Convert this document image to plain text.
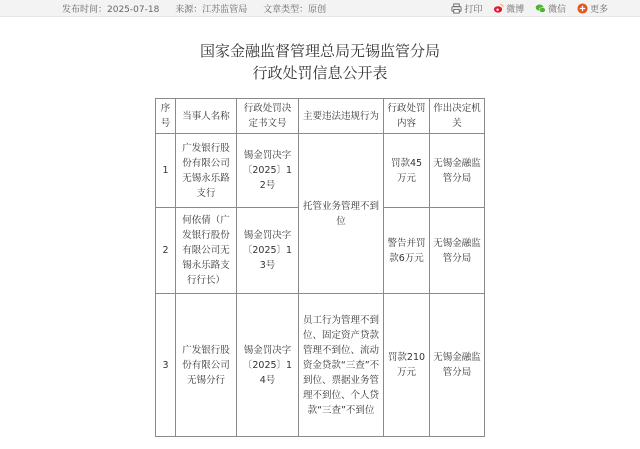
发布时间：2025-07-18 来源：江苏监管局 文章类型：原创	打印
	微博
	微信
	更多
国家金融监督管理总局无锡监管分局
行政处罚信息公开表
序号	当事人名称	行政处罚决定书文号	主要违法违规行为	行政处罚内容	作出决定机关
1	广发银行股份有限公司无锡永乐路支行	锡金罚决字〔2025〕12号	托管业务管理不到位	罚款45万元	无锡金融监管分局
2	何依倩（广发银行股份有限公司无锡永乐路支行行长）	锡金罚决字〔2025〕13号		警告并罚款6万元	无锡金融监管分局
3	广发银行股份有限公司无锡分行	锡金罚决字〔2025〕14号	员工行为管理不到位、固定资产贷款管理不到位、流动资金贷款“三查”不到位、票据业务管理不到位、个人贷款“三查”不到位	罚款210万元	无锡金融监管分局
